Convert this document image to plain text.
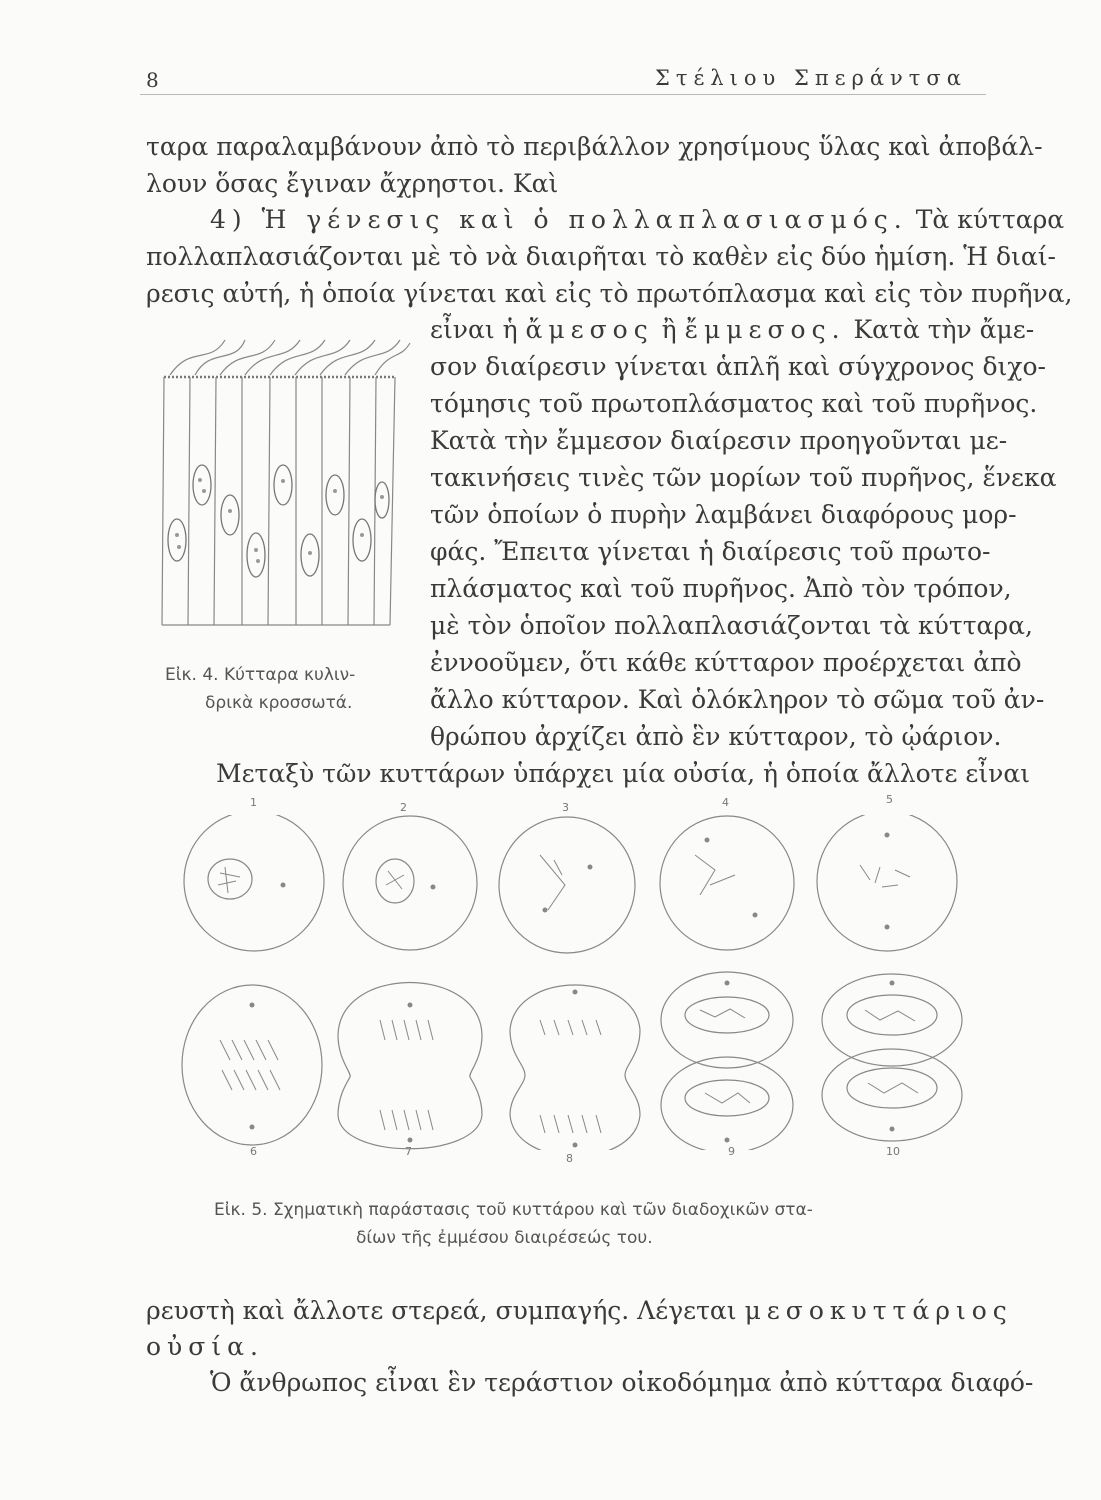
8	Στέλιου Σπεράντσα
ταρα παραλαμβάνουν ἀπὸ τὸ περιβάλλον χρησίμους ὕλας καὶ ἀποβάλ-
λουν ὅσας ἔγιναν ἄχρηστοι. Καὶ
4) Ἡ γένεσις καὶ ὁ πολλαπλασιασμός. Τὰ κύτταρα
πολλαπλασιάζονται μὲ τὸ νὰ διαιρῆται τὸ καθὲν εἰς δύο ἡμίση. Ἡ διαί-
ρεσις αὐτή, ἡ ὁποία γίνεται καὶ εἰς τὸ πρωτόπλασμα καὶ εἰς τὸν πυρῆνα,
εἶναι ἡ ἄμεσος ἢ ἔμμεσος. Κατὰ τὴν ἄμε-
σον διαίρεσιν γίνεται ἁπλῆ καὶ σύγχρονος διχο-
τόμησις τοῦ πρωτοπλάσματος καὶ τοῦ πυρῆνος.
Κατὰ τὴν ἔμμεσον διαίρεσιν προηγοῦνται με-
τακινήσεις τινὲς τῶν μορίων τοῦ πυρῆνος, ἕνεκα
τῶν ὁποίων ὁ πυρὴν λαμβάνει διαφόρους μορ-
φάς. Ἔπειτα γίνεται ἡ διαίρεσις τοῦ πρωτο-
πλάσματος καὶ τοῦ πυρῆνος. Ἀπὸ τὸν τρόπον,
μὲ τὸν ὁποῖον πολλαπλασιάζονται τὰ κύτταρα,
ἐννοοῦμεν, ὅτι κάθε κύτταρον προέρχεται ἀπὸ
ἄλλο κύτταρον. Καὶ ὁλόκληρον τὸ σῶμα τοῦ ἀν-
θρώπου ἀρχίζει ἀπὸ ἓν κύτταρον, τὸ ᾠάριον.
Μεταξὺ τῶν κυττάρων ὑπάρχει μία οὐσία, ἡ ὁποία ἄλλοτε εἶναι
Εἰκ. 4. Κύτταρα κυλιν-
δρικὰ κροσσωτά.
1	2	3	4	5
6	7
8
9	10
Εἰκ. 5. Σχηματικὴ παράστασις τοῦ κυττάρου καὶ τῶν διαδοχικῶν στα-
δίων τῆς ἐμμέσου διαιρέσεώς του.
ρευστὴ καὶ ἄλλοτε στερεά, συμπαγής. Λέγεται μεσοκυττάριος
οὐσία.
Ὁ ἄνθρωπος εἶναι ἓν τεράστιον οἰκοδόμημα ἀπὸ κύτταρα διαφό-
